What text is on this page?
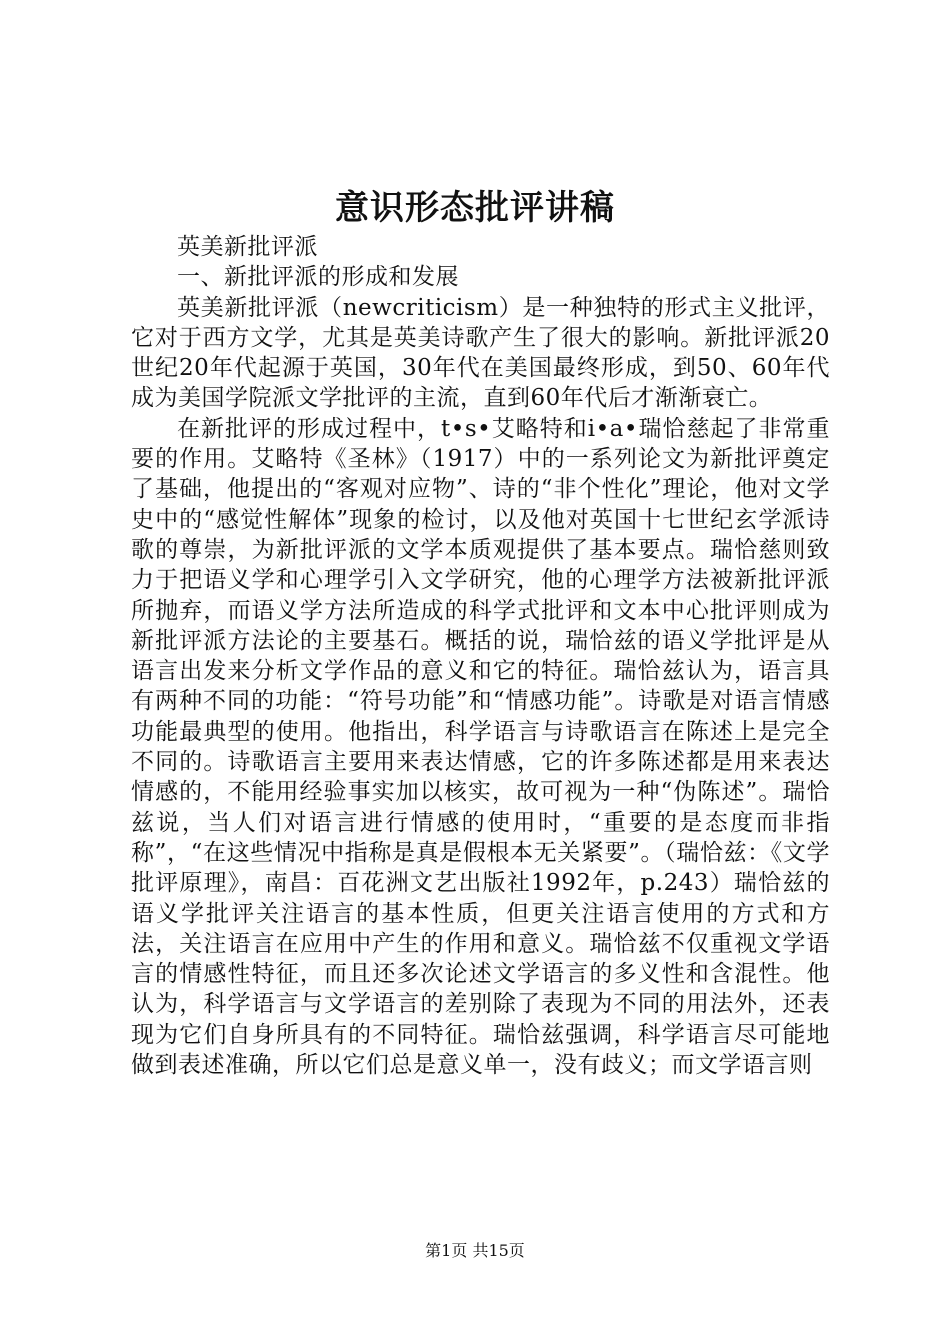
意识形态批评讲稿

英美新批评派

一、新批评派的形成和发展

英美新批评派（newcriticism）是一种独特的形式主义批评，它对于西方文学，尤其是英美诗歌产生了很大的影响。新批评派20世纪20年代起源于英国，30年代在美国最终形成，到50、60年代成为美国学院派文学批评的主流，直到60年代后才渐渐衰亡。

在新批评的形成过程中，t•s•艾略特和i•a•瑞恰慈起了非常重要的作用。艾略特《圣林》（1917）中的一系列论文为新批评奠定了基础，他提出的“客观对应物”、诗的“非个性化”理论，他对文学史中的“感觉性解体”现象的检讨，以及他对英国十七世纪玄学派诗歌的尊崇，为新批评派的文学本质观提供了基本要点。瑞恰慈则致力于把语义学和心理学引入文学研究，他的心理学方法被新批评派所抛弃，而语义学方法所造成的科学式批评和文本中心批评则成为新批评派方法论的主要基石。概括的说，瑞恰兹的语义学批评是从语言出发来分析文学作品的意义和它的特征。瑞恰兹认为，语言具有两种不同的功能：“符号功能”和“情感功能”。诗歌是对语言情感功能最典型的使用。他指出，科学语言与诗歌语言在陈述上是完全不同的。诗歌语言主要用来表达情感，它的许多陈述都是用来表达情感的，不能用经验事实加以核实，故可视为一种“伪陈述”。瑞恰兹说，当人们对语言进行情感的使用时，“重要的是态度而非指称”，“在这些情况中指称是真是假根本无关紧要”。（瑞恰兹：《文学批评原理》，南昌：百花洲文艺出版社1992年，p.243）瑞恰兹的语义学批评关注语言的基本性质，但更关注语言使用的方式和方法，关注语言在应用中产生的作用和意义。瑞恰兹不仅重视文学语言的情感性特征，而且还多次论述文学语言的多义性和含混性。他认为，科学语言与文学语言的差别除了表现为不同的用法外，还表现为它们自身所具有的不同特征。瑞恰兹强调，科学语言尽可能地做到表述准确，所以它们总是意义单一，没有歧义；而文学语言则

第1页 共15页
